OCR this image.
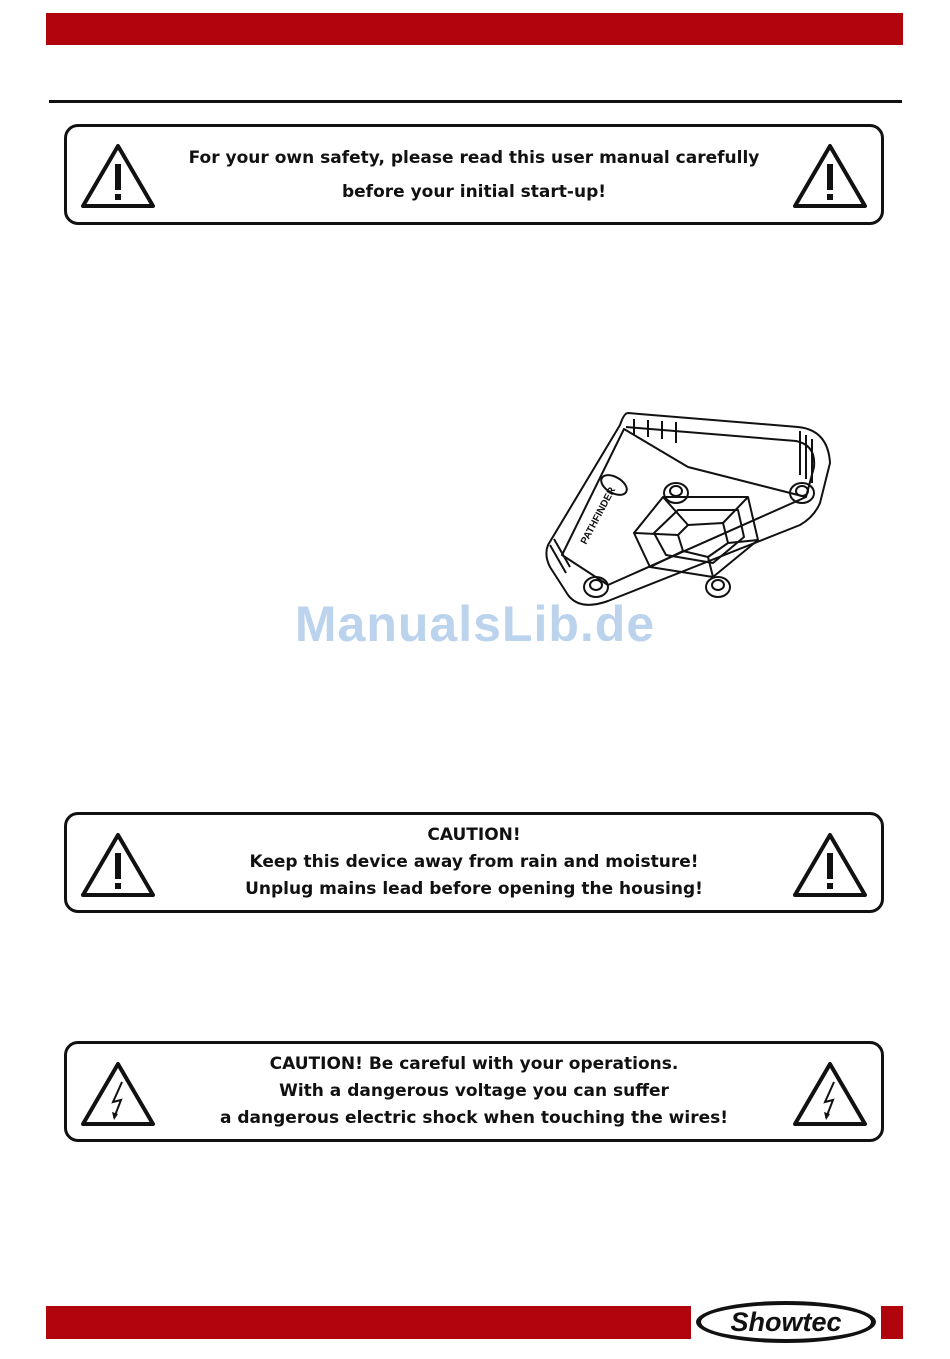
For your own safety, please read this user manual carefully
before your initial start-up!
PATHFINDER
ManualsLib.de
CAUTION!
Keep this device away from rain and moisture!
Unplug mains lead before opening the housing!
CAUTION! Be careful with your operations.
With a dangerous voltage you can suffer
a dangerous electric shock when touching the wires!
Showtec
